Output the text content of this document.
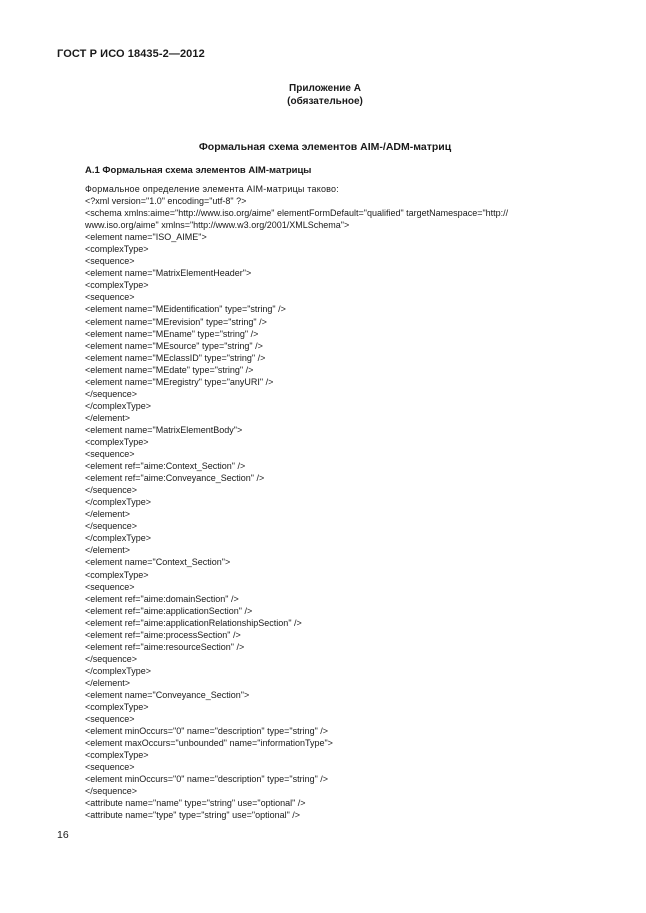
ГОСТ Р ИСО 18435-2—2012
Приложение А
(обязательное)
Формальная схема элементов AIM-/ADM-матриц
А.1 Формальная схема элементов AIM-матрицы

Формальное определение элемента AIM-матрицы таково:

<?xml version="1.0" encoding="utf-8" ?>
<schema xmlns:aime="http://www.iso.org/aime" elementFormDefault="qualified" targetNamespace="http://
www.iso.org/aime" xmlns="http://www.w3.org/2001/XMLSchema">
<element name="ISO_AIME">
<complexType>
<sequence>
<element name="MatrixElementHeader">
<complexType>
<sequence>
<element name="MEidentification" type="string" />
<element name="MErevision" type="string" />
<element name="MEname" type="string" />
<element name="MEsource" type="string" />
<element name="MEclassID" type="string" />
<element name="MEdate" type="string" />
<element name="MEregistry" type="anyURI" />
</sequence>
</complexType>
</element>
<element name="MatrixElementBody">
<complexType>
<sequence>
<element ref="aime:Context_Section" />
<element ref="aime:Conveyance_Section" />
</sequence>
</complexType>
</element>
</sequence>
</complexType>
</element>
<element name="Context_Section">
<complexType>
<sequence>
<element ref="aime:domainSection" />
<element ref="aime:applicationSection" />
<element ref="aime:applicationRelationshipSection" />
<element ref="aime:processSection" />
<element ref="aime:resourceSection" />
</sequence>
</complexType>
</element>
<element name="Conveyance_Section">
<complexType>
<sequence>
<element minOccurs="0" name="description" type="string" />
<element maxOccurs="unbounded" name="informationType">
<complexType>
<sequence>
<element minOccurs="0" name="description" type="string" />
</sequence>
<attribute name="name" type="string" use="optional" />
<attribute name="type" type="string" use="optional" />
16
